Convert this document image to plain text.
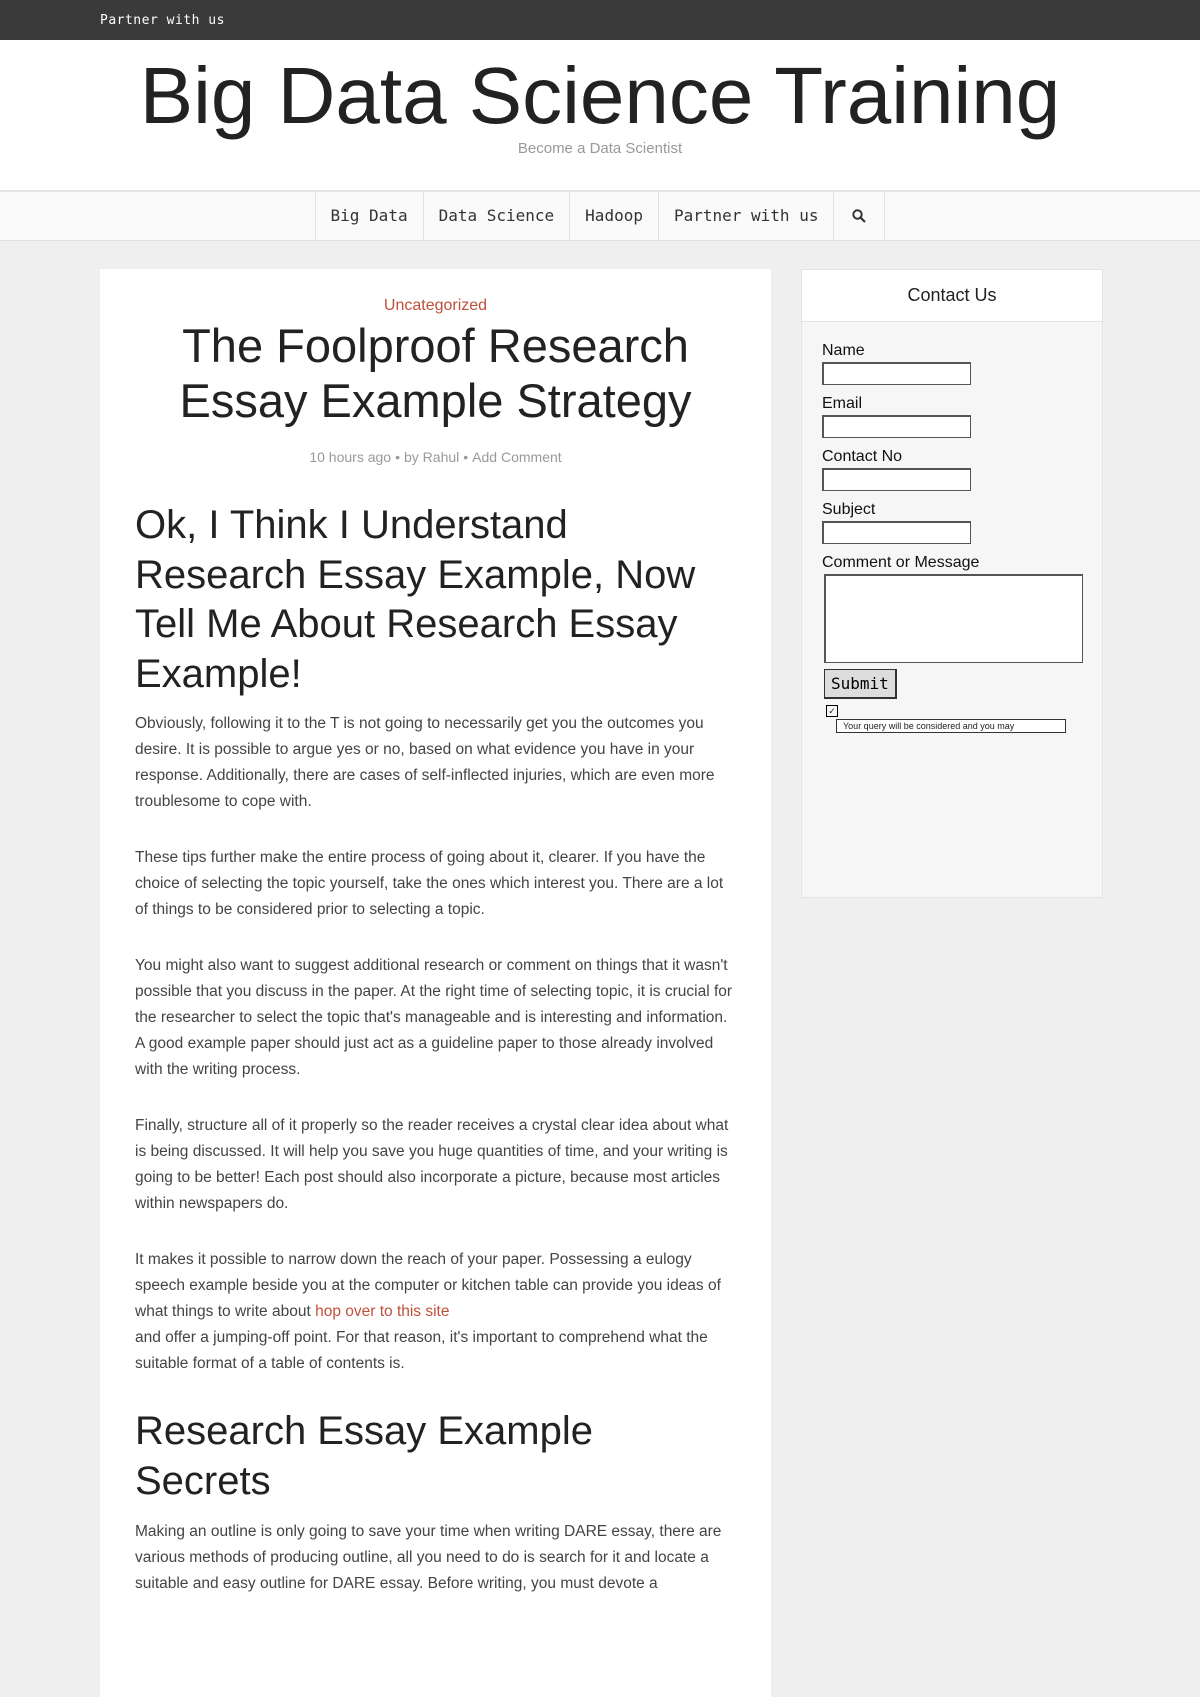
Partner with us
Big Data Science Training
Become a Data Scientist
Big Data	Data Science	Hadoop	Partner with us
Uncategorized
The Foolproof Research Essay Example Strategy
10 hours ago • by Rahul • Add Comment
Ok, I Think I Understand Research Essay Example, Now Tell Me About Research Essay Example!

Obviously, following it to the T is not going to necessarily get you the outcomes you desire. It is possible to argue yes or no, based on what evidence you have in your response. Additionally, there are cases of self-inflected injuries, which are even more troublesome to cope with.

These tips further make the entire process of going about it, clearer. If you have the choice of selecting the topic yourself, take the ones which interest you. There are a lot of things to be considered prior to selecting a topic.

You might also want to suggest additional research or comment on things that it wasn't possible that you discuss in the paper. At the right time of selecting topic, it is crucial for the researcher to select the topic that's manageable and is interesting and information. A good example paper should just act as a guideline paper to those already involved with the writing process.

Finally, structure all of it properly so the reader receives a crystal clear idea about what is being discussed. It will help you save you huge quantities of time, and your writing is going to be better! Each post should also incorporate a picture, because most articles within newspapers do.

It makes it possible to narrow down the reach of your paper. Possessing a eulogy speech example beside you at the computer or kitchen table can provide you ideas of what things to write about hop over to this site
and offer a jumping-off point. For that reason, it's important to comprehend what the suitable format of a table of contents is.

Research Essay Example Secrets

Making an outline is only going to save your time when writing DARE essay, there are various methods of producing outline, all you need to do is search for it and locate a suitable and easy outline for DARE essay. Before writing, you must devote a

Contact Us
Name
Email
Contact No
Subject
Comment or Message
Submit
✓
Your query will be considered and you may
